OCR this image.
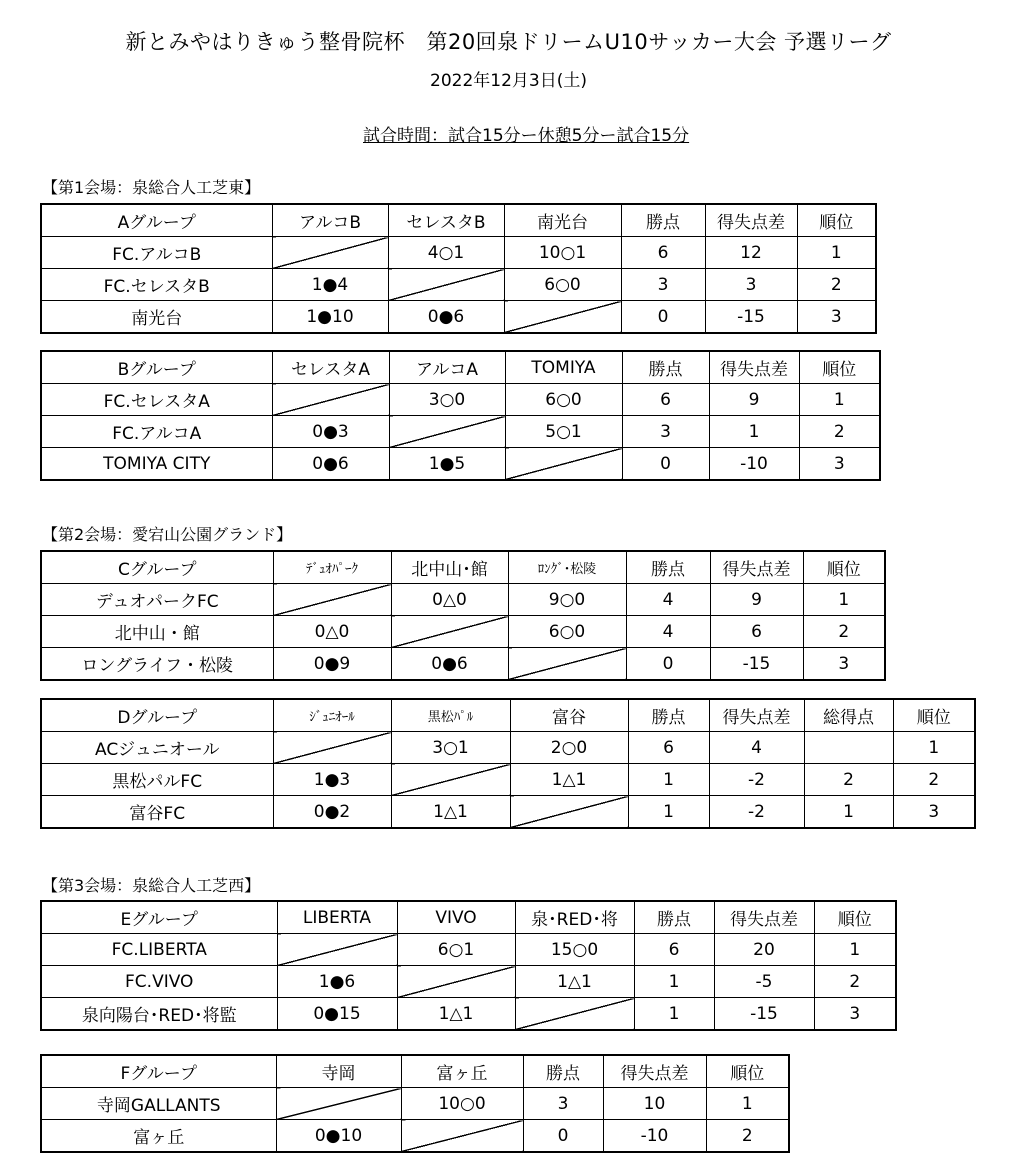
新とみやはりきゅう整骨院杯　第20回泉ドリームU10サッカー大会 予選リーグ
2022年12月3日(土)
試合時間：試合15分ー休憩5分ー試合15分
【第1会場：泉総合人工芝東】
Aグループ	アルコB	セレスタB	南光台	勝点	得失点差	順位
FC.アルコB		4○1	10○1	6	12	1
FC.セレスタB	1●4		6○0	3	3	2
南光台	1●10	0●6		0	-15	3
Bグループ	セレスタA	アルコA	TOMIYA	勝点	得失点差	順位
FC.セレスタA		3○0	6○0	6	9	1
FC.アルコA	0●3		5○1	3	1	2
TOMIYA CITY	0●6	1●5		0	-10	3
【第2会場：愛宕山公園グランド】
Cグループ	ﾃﾞｭｵﾊﾟｰｸ	北中山･館	ﾛﾝｸﾞ･松陵	勝点	得失点差	順位
デュオパークFC		0△0	9○0	4	9	1
北中山・館	0△0		6○0	4	6	2
ロングライフ・松陵	0●9	0●6		0	-15	3
Dグループ	ｼﾞｭﾆｵｰﾙ	黒松ﾊﾟﾙ	富谷	勝点	得失点差	総得点	順位
ACジュニオール		3○1	2○0	6	4		1
黒松パルFC	1●3		1△1	1	-2	2	2
富谷FC	0●2	1△1		1	-2	1	3
【第3会場：泉総合人工芝西】
Eグループ	LIBERTA	VIVO	泉･RED･将	勝点	得失点差	順位
FC.LIBERTA		6○1	15○0	6	20	1
FC.VIVO	1●6		1△1	1	-5	2
泉向陽台･RED･将監	0●15	1△1		1	-15	3
Fグループ	寺岡	富ヶ丘	勝点	得失点差	順位
寺岡GALLANTS		10○0	3	10	1
富ヶ丘	0●10		0	-10	2
